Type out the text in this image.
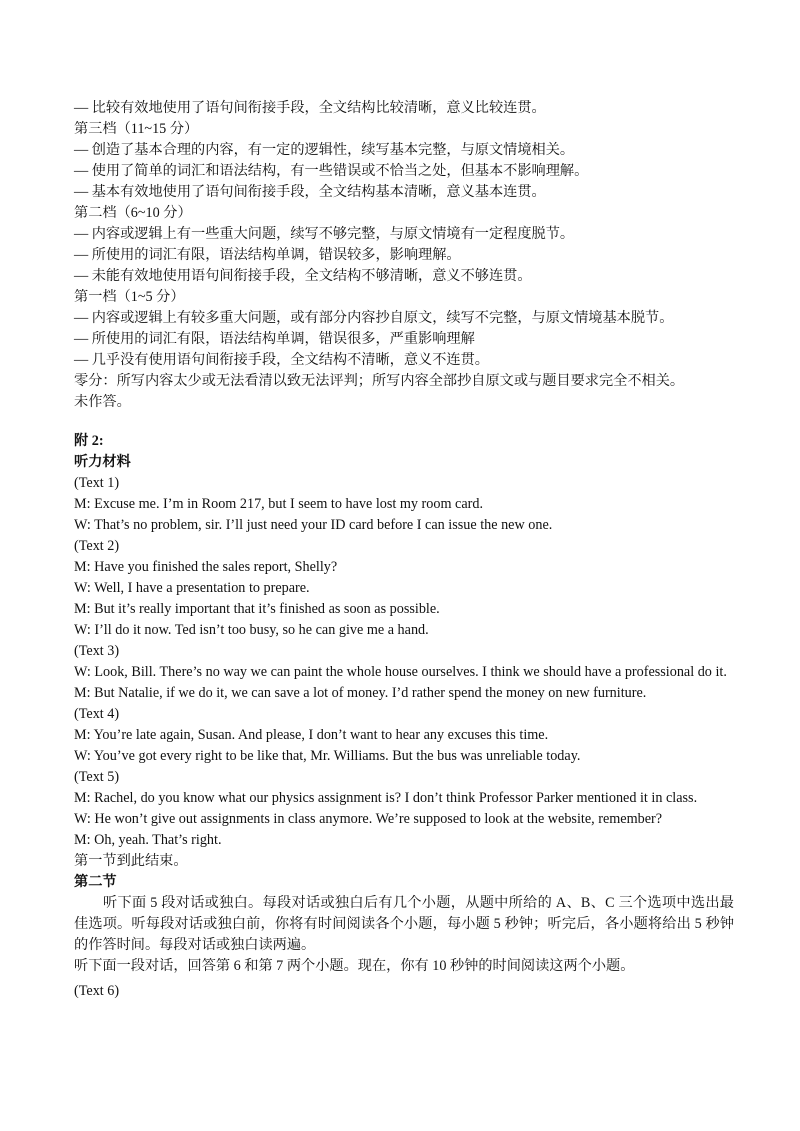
— 比较有效地使用了语句间衔接手段，全文结构比较清晰，意义比较连贯。

第三档（11~15 分）

— 创造了基本合理的内容，有一定的逻辑性，续写基本完整，与原文情境相关。

— 使用了简单的词汇和语法结构，有一些错误或不恰当之处，但基本不影响理解。

— 基本有效地使用了语句间衔接手段，全文结构基本清晰，意义基本连贯。

第二档（6~10 分）

— 内容或逻辑上有一些重大问题，续写不够完整，与原文情境有一定程度脱节。

— 所使用的词汇有限，语法结构单调，错误较多，影响理解。

— 未能有效地使用语句间衔接手段，全文结构不够清晰，意义不够连贯。

第一档（1~5 分）

— 内容或逻辑上有较多重大问题，或有部分内容抄自原文，续写不完整，与原文情境基本脱节。

— 所使用的词汇有限，语法结构单调，错误很多，严重影响理解

— 几乎没有使用语句间衔接手段，全文结构不清晰，意义不连贯。

零分：所写内容太少或无法看清以致无法评判；所写内容全部抄自原文或与题目要求完全不相关。

未作答。

附 2:

听力材料

(Text 1)

M: Excuse me. I’m in Room 217, but I seem to have lost my room card.

W: That’s no problem, sir. I’ll just need your ID card before I can issue the new one.

(Text 2)

M: Have you finished the sales report, Shelly?

W: Well, I have a presentation to prepare.

M: But it’s really important that it’s finished as soon as possible.

W: I’ll do it now. Ted isn’t too busy, so he can give me a hand.

(Text 3)

W: Look, Bill. There’s no way we can paint the whole house ourselves. I think we should have a professional do it.

M: But Natalie, if we do it, we can save a lot of money. I’d rather spend the money on new furniture.

(Text 4)

M: You’re late again, Susan. And please, I don’t want to hear any excuses this time.

W: You’ve got every right to be like that, Mr. Williams. But the bus was unreliable today.

(Text 5)

M: Rachel, do you know what our physics assignment is? I don’t think Professor Parker mentioned it in class.

W: He won’t give out assignments in class anymore. We’re supposed to look at the website, remember?

M: Oh, yeah. That’s right.

第一节到此结束。

第二节

听下面 5 段对话或独白。每段对话或独白后有几个小题，从题中所给的 A、B、C 三个选项中选出最佳选项。听每段对话或独白前，你将有时间阅读各个小题，每小题 5 秒钟；听完后，各小题将给出 5 秒钟的作答时间。每段对话或独白读两遍。

听下面一段对话，回答第 6 和第 7 两个小题。现在，你有 10 秒钟的时间阅读这两个小题。

(Text 6)
